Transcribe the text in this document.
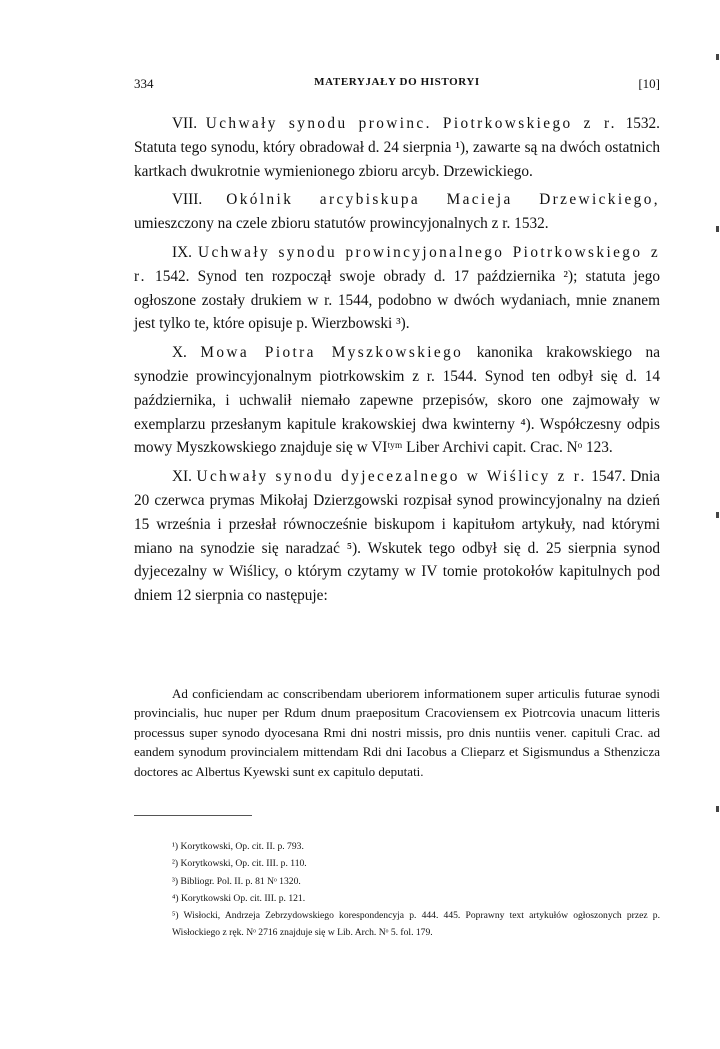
334	MATERYJAŁY DO HISTORYI	[10]

VII. Uchwały synodu prowinc. Piotrkowskiego z r. 1532. Statuta tego synodu, który obradował d. 24 sierpnia ¹), zawarte są na dwóch ostatnich kartkach dwukrotnie wymienionego zbioru arcyb. Drzewickiego.

VIII. Okólnik arcybiskupa Macieja Drzewickiego, umieszczony na czele zbioru statutów prowincyjonalnych z r. 1532.

IX. Uchwały synodu prowincyjonalnego Piotrkowskiego z r. 1542. Synod ten rozpoczął swoje obrady d. 17 października ²); statuta jego ogłoszone zostały drukiem w r. 1544, podobno w dwóch wydaniach, mnie znanem jest tylko te, które opisuje p. Wierzbowski ³).

X. Mowa Piotra Myszkowskiego kanonika krakowskiego na synodzie prowincyjonalnym piotrkowskim z r. 1544. Synod ten odbył się d. 14 października, i uchwalił niemało zapewne przepisów, skoro one zajmowały w exemplarzu przesłanym kapitule krakowskiej dwa kwinterny ⁴). Współczesny odpis mowy Myszkowskiego znajduje się w VIᵗʸᵐ Liber Archivi capit. Crac. Nᵒ 123.

XI. Uchwały synodu dyjecezalnego w Wiślicy z r. 1547. Dnia 20 czerwca prymas Mikołaj Dzierzgowski rozpisał synod prowincyjonalny na dzień 15 września i przesłał równocześnie biskupom i kapitułom artykuły, nad którymi miano na synodzie się naradzać ⁵). Wskutek tego odbył się d. 25 sierpnia synod dyjecezalny w Wiślicy, o którym czytamy w IV tomie protokołów kapitulnych pod dniem 12 sierpnia co następuje:

Ad conficiendam ac conscribendam uberiorem informationem super articulis futurae synodi provincialis, huc nuper per Rdum dnum praepositum Cracoviensem ex Piotrcovia unacum litteris processus super synodo dyocesana Rmi dni nostri missis, pro dnis nuntiis vener. capituli Crac. ad eandem synodum provincialem mittendam Rdi dni Iacobus a Clieparz et Sigismundus a Sthenzicza doctores ac Albertus Kyewski sunt ex capitulo deputati.

¹) Korytkowski, Op. cit. II. p. 793.

²) Korytkowski, Op. cit. III. p. 110.

³) Bibliogr. Pol. II. p. 81 Nᵒ 1320.

⁴) Korytkowski Op. cit. III. p. 121.

⁵) Wisłocki, Andrzeja Zebrzydowskiego korespondencyja p. 444. 445. Poprawny text artykułów ogłoszonych przez p. Wisłockiego z ręk. Nᵒ 2716 znajduje się w Lib. Arch. Nᵒ 5. fol. 179.
